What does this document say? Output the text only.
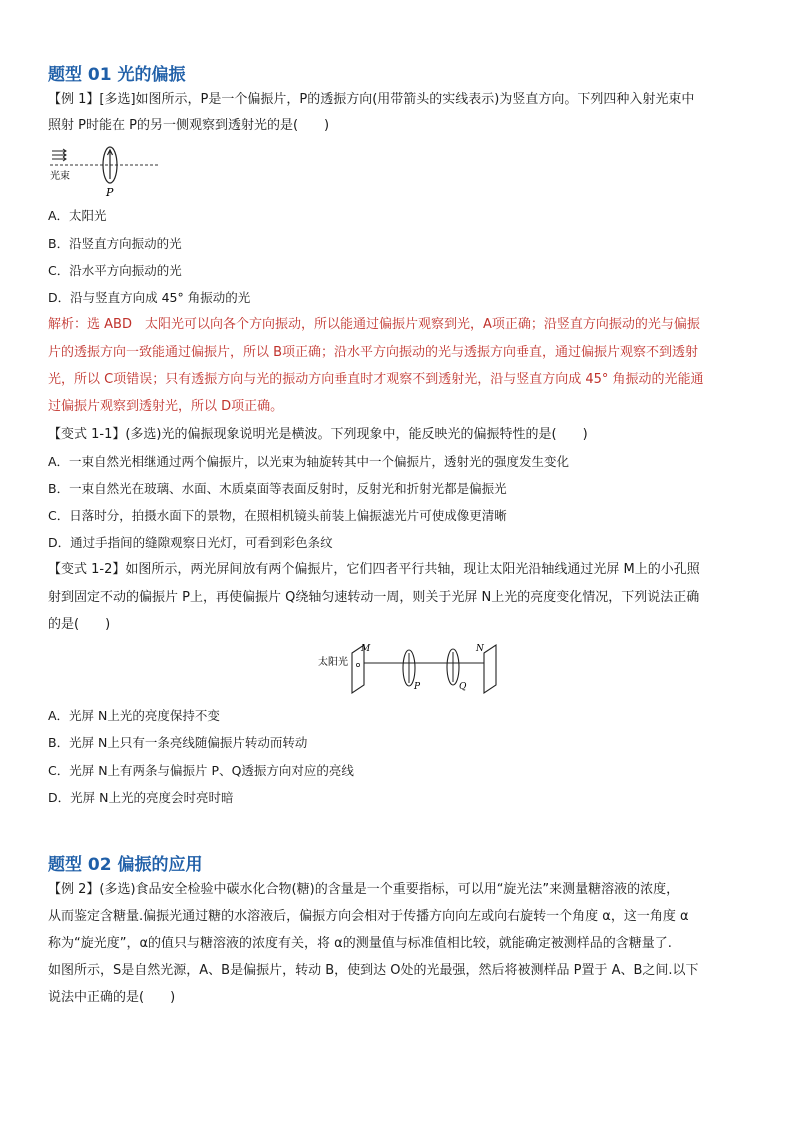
题型 01 光的偏振
【例 1】[多选]如图所示，P是一个偏振片，P的透振方向(用带箭头的实线表示)为竖直方向。下列四种入射光束中
照射 P时能在 P的另一侧观察到透射光的是(　　)
光束
P
A．太阳光
B．沿竖直方向振动的光
C．沿水平方向振动的光
D．沿与竖直方向成 45° 角振动的光
解析：选 ABD　太阳光可以向各个方向振动，所以能通过偏振片观察到光，A项正确；沿竖直方向振动的光与偏振
片的透振方向一致能通过偏振片，所以 B项正确；沿水平方向振动的光与透振方向垂直，通过偏振片观察不到透射
光，所以 C项错误；只有透振方向与光的振动方向垂直时才观察不到透射光，沿与竖直方向成 45° 角振动的光能通
过偏振片观察到透射光，所以 D项正确。
【变式 1-1】(多选)光的偏振现象说明光是横波。下列现象中，能反映光的偏振特性的是(　　)
A．一束自然光相继通过两个偏振片，以光束为轴旋转其中一个偏振片，透射光的强度发生变化
B．一束自然光在玻璃、水面、木质桌面等表面反射时，反射光和折射光都是偏振光
C．日落时分，拍摄水面下的景物，在照相机镜头前装上偏振滤光片可使成像更清晰
D．通过手指间的缝隙观察日光灯，可看到彩色条纹
【变式 1-2】如图所示，两光屏间放有两个偏振片，它们四者平行共轴，现让太阳光沿轴线通过光屏 M上的小孔照
射到固定不动的偏振片 P上，再使偏振片 Q绕轴匀速转动一周，则关于光屏 N上光的亮度变化情况，下列说法正确
的是(　　)
太阳光
M
P	Q
N
A．光屏 N上光的亮度保持不变
B．光屏 N上只有一条亮线随偏振片转动而转动
C．光屏 N上有两条与偏振片 P、Q透振方向对应的亮线
D．光屏 N上光的亮度会时亮时暗
题型 02 偏振的应用
【例 2】(多选)食品安全检验中碳水化合物(糖)的含量是一个重要指标，可以用“旋光法”来测量糖溶液的浓度，
从而鉴定含糖量.偏振光通过糖的水溶液后，偏振方向会相对于传播方向向左或向右旋转一个角度 α，这一角度 α
称为“旋光度”，α的值只与糖溶液的浓度有关，将 α的测量值与标准值相比较，就能确定被测样品的含糖量了.
如图所示，S是自然光源，A、B是偏振片，转动 B，使到达 O处的光最强，然后将被测样品 P置于 A、B之间.以下
说法中正确的是(　　)
